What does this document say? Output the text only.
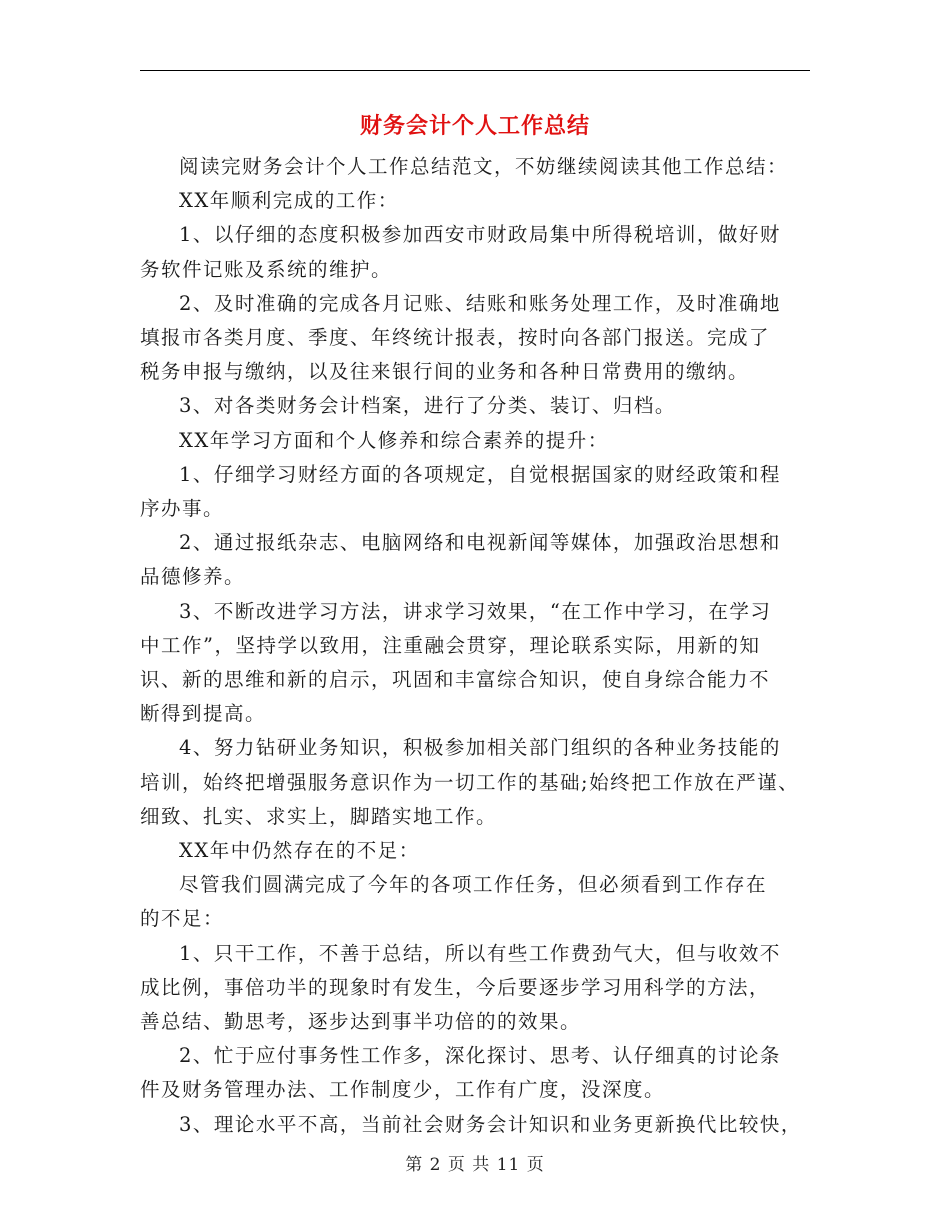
财务会计个人工作总结

阅读完财务会计个人工作总结范文，不妨继续阅读其他工作总结：

XX年顺利完成的工作：

1、以仔细的态度积极参加西安市财政局集中所得税培训，做好财
务软件记账及系统的维护。

2、及时准确的完成各月记账、结账和账务处理工作，及时准确地
填报市各类月度、季度、年终统计报表，按时向各部门报送。完成了
税务申报与缴纳，以及往来银行间的业务和各种日常费用的缴纳。

3、对各类财务会计档案，进行了分类、装订、归档。

XX年学习方面和个人修养和综合素养的提升：

1、仔细学习财经方面的各项规定，自觉根据国家的财经政策和程
序办事。

2、通过报纸杂志、电脑网络和电视新闻等媒体，加强政治思想和
品德修养。

3、不断改进学习方法，讲求学习效果，“在工作中学习，在学习
中工作”，坚持学以致用，注重融会贯穿，理论联系实际，用新的知
识、新的思维和新的启示，巩固和丰富综合知识，使自身综合能力不
断得到提高。

4、努力钻研业务知识，积极参加相关部门组织的各种业务技能的
培训，始终把增强服务意识作为一切工作的基础;始终把工作放在严谨、
细致、扎实、求实上，脚踏实地工作。

XX年中仍然存在的不足：

尽管我们圆满完成了今年的各项工作任务，但必须看到工作存在
的不足：

1、只干工作，不善于总结，所以有些工作费劲气大，但与收效不
成比例，事倍功半的现象时有发生，今后要逐步学习用科学的方法，
善总结、勤思考，逐步达到事半功倍的的效果。

2、忙于应付事务性工作多，深化探讨、思考、认仔细真的讨论条
件及财务管理办法、工作制度少，工作有广度，没深度。

3、理论水平不高，当前社会财务会计知识和业务更新换代比较快，

第 2 页 共 11 页
